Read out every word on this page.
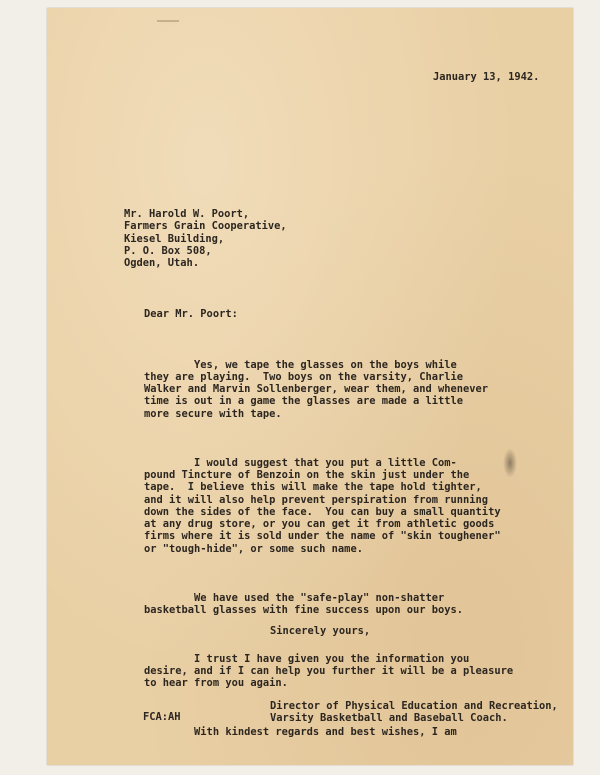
January 13, 1942.

Mr. Harold W. Poort,
Farmers Grain Cooperative,
Kiesel Building,
P. O. Box 508,
Ogden, Utah.

Dear Mr. Poort:

Yes, we tape the glasses on the boys while
they are playing.  Two boys on the varsity, Charlie
Walker and Marvin Sollenberger, wear them, and whenever
time is out in a game the glasses are made a little
more secure with tape.

I would suggest that you put a little Com-
pound Tincture of Benzoin on the skin just under the
tape.  I believe this will make the tape hold tighter,
and it will also help prevent perspiration from running
down the sides of the face.  You can buy a small quantity
at any drug store, or you can get it from athletic goods
firms where it is sold under the name of "skin toughener"
or "tough-hide", or some such name.

We have used the "safe-play" non-shatter
basketball glasses with fine success upon our boys.

I trust I have given you the information you
desire, and if I can help you further it will be a pleasure
to hear from you again.

With kindest regards and best wishes, I am

Sincerely yours,

Director of Physical Education and Recreation,
Varsity Basketball and Baseball Coach.

FCA:AH
